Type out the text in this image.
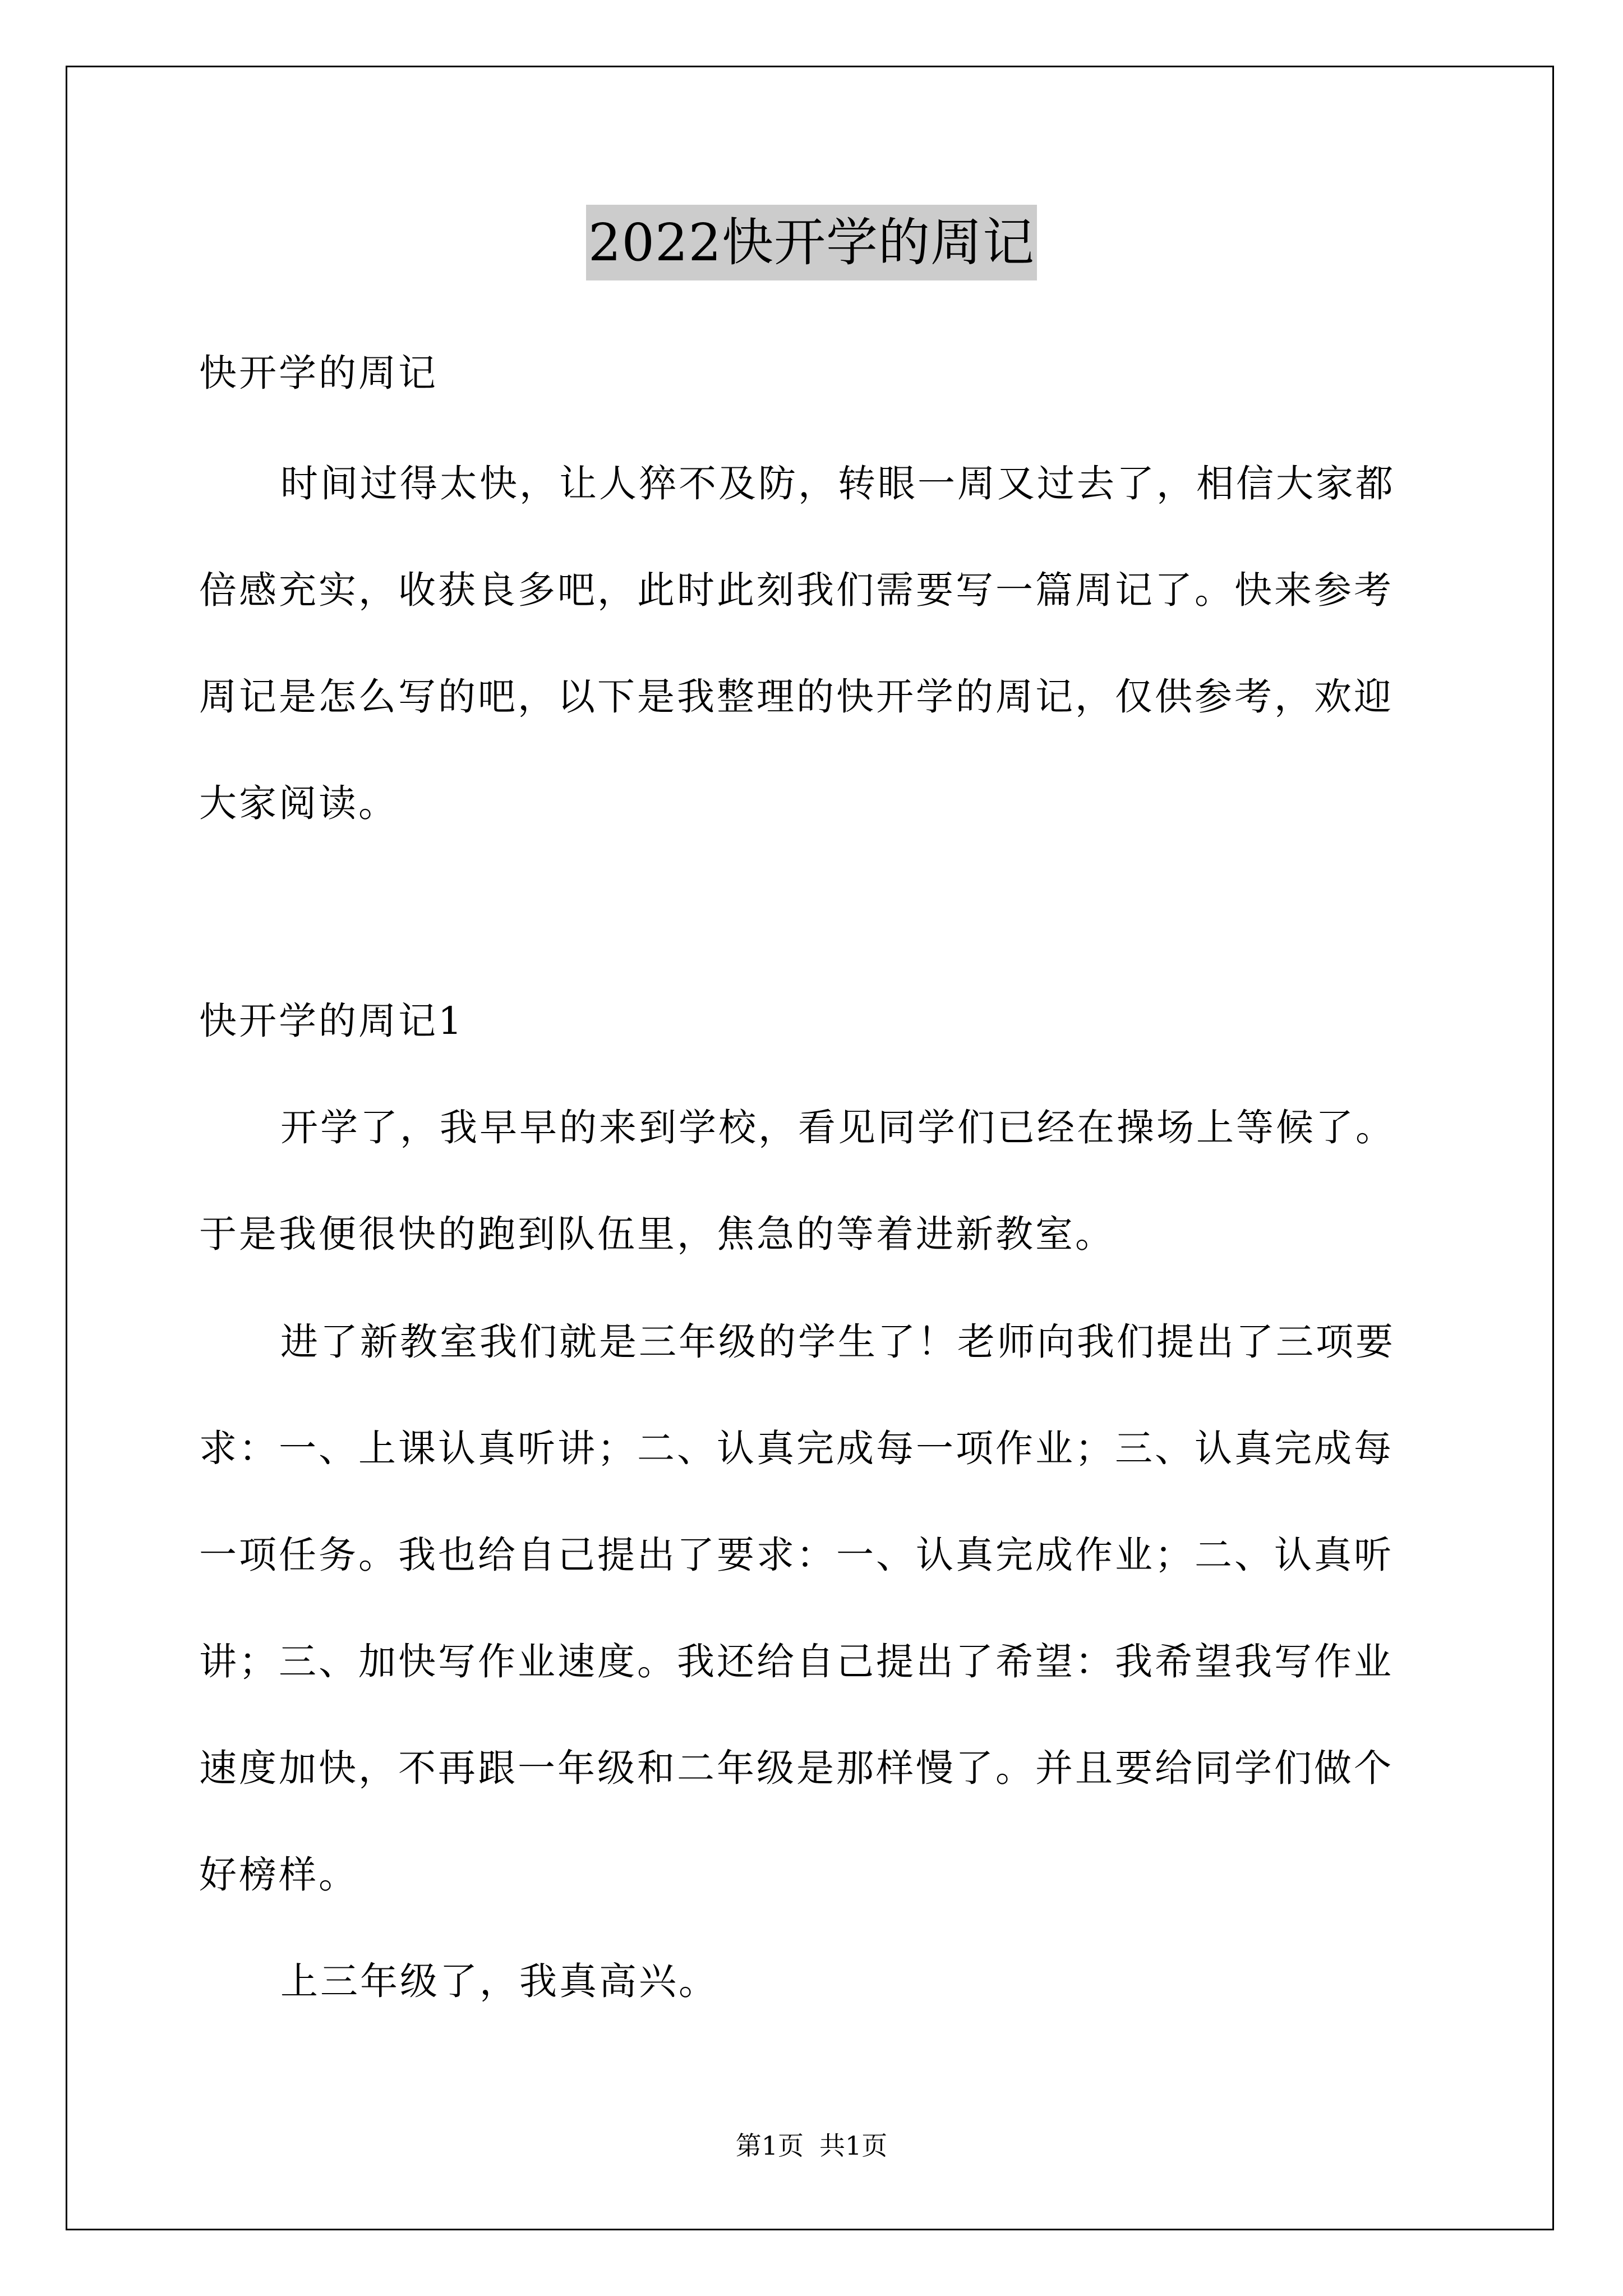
2022快开学的周记
快开学的周记
时间过得太快，让人猝不及防，转眼一周又过去了，相信大家都
倍感充实，收获良多吧，此时此刻我们需要写一篇周记了。快来参考
周记是怎么写的吧，以下是我整理的快开学的周记，仅供参考，欢迎
大家阅读。
快开学的周记1
开学了，我早早的来到学校，看见同学们已经在操场上等候了。
于是我便很快的跑到队伍里，焦急的等着进新教室。
进了新教室我们就是三年级的学生了！老师向我们提出了三项要
求：一、上课认真听讲；二、认真完成每一项作业；三、认真完成每
一项任务。我也给自己提出了要求：一、认真完成作业；二、认真听
讲；三、加快写作业速度。我还给自己提出了希望：我希望我写作业
速度加快，不再跟一年级和二年级是那样慢了。并且要给同学们做个
好榜样。
上三年级了，我真高兴。
第1页 共1页
